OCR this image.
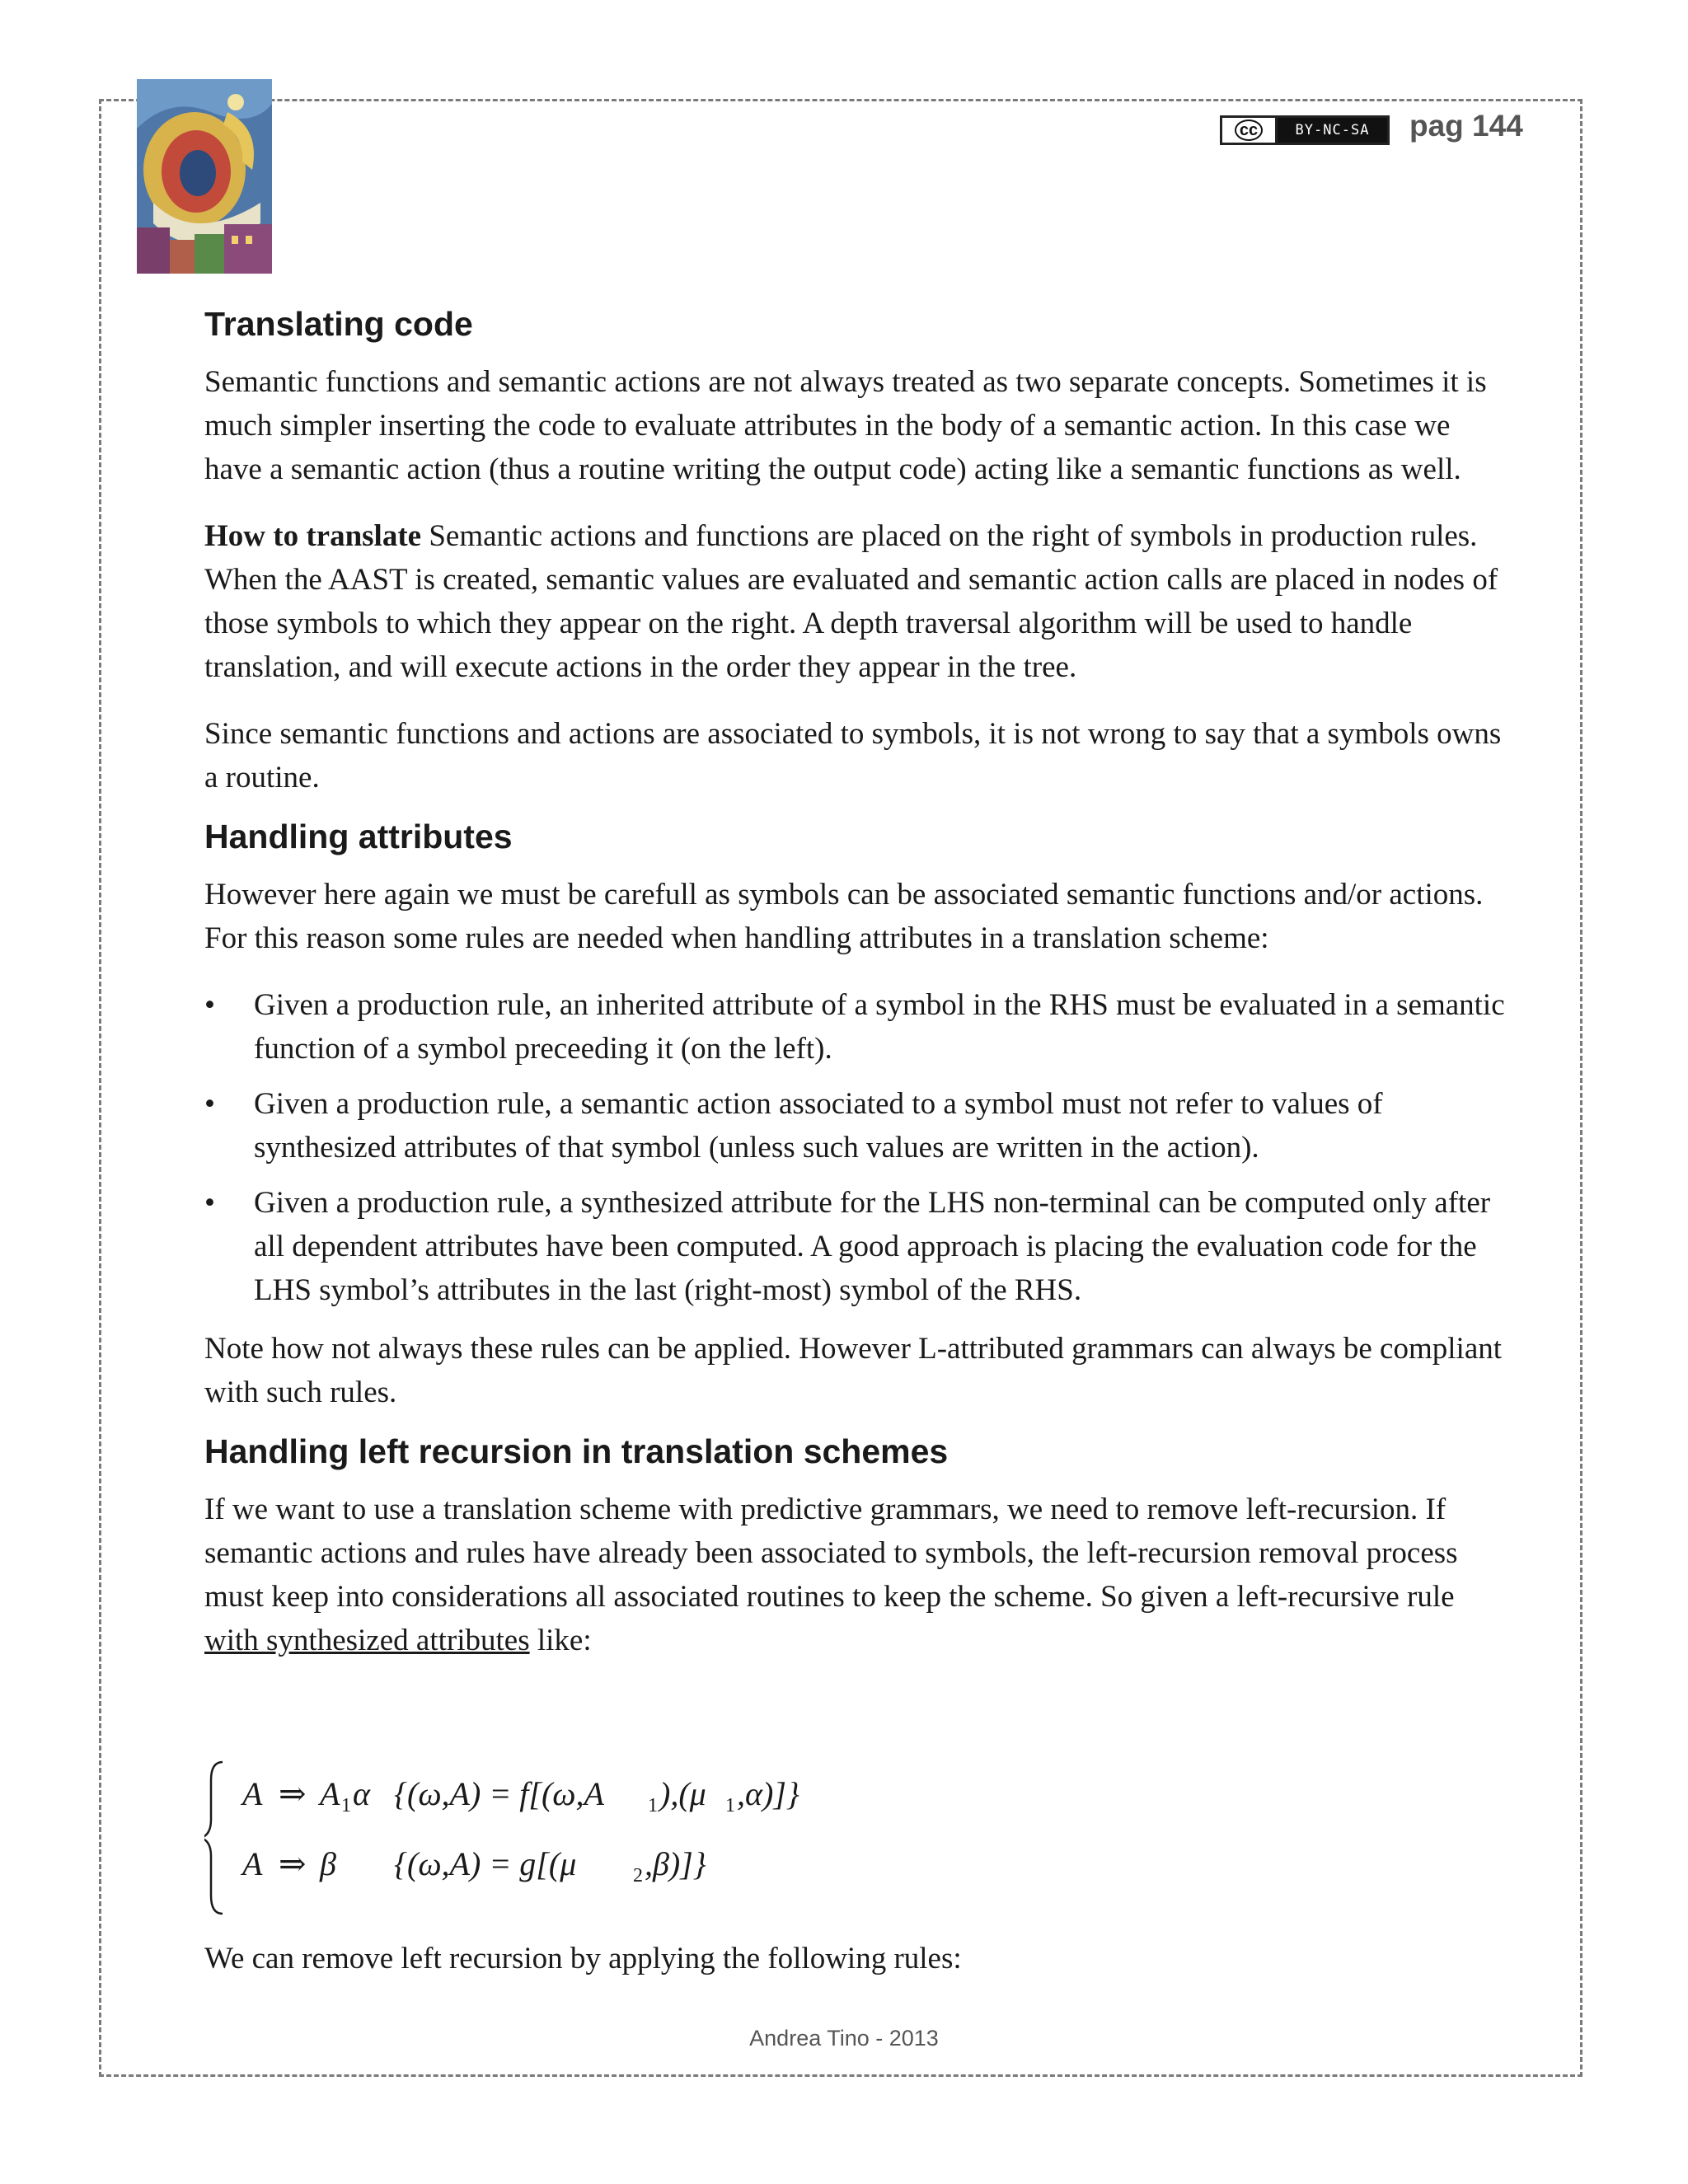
cc	BY-NC-SA	pag 144
Translating code

Semantic functions and semantic actions are not always treated as two separate concepts. Sometimes it is much simpler inserting the code to evaluate attributes in the body of a semantic action. In this case we have a semantic action (thus a routine writing the output code) acting like a semantic functions as well.

How to translate Semantic actions and functions are placed on the right of symbols in production rules. When the AAST is created, semantic values are evaluated and semantic action calls are placed in nodes of those symbols to which they appear on the right. A depth traversal algorithm will be used to handle translation, and will execute actions in the order they appear in the tree.

Since semantic functions and actions are associated to symbols, it is not wrong to say that a symbols owns a routine.

Handling attributes

However here again we must be carefull as symbols can be associated semantic functions and/or actions. For this reason some rules are needed when handling attributes in a translation scheme:

• Given a production rule, an inherited attribute of a symbol in the RHS must be evaluated in a semantic function of a symbol preceeding it (on the left).
• Given a production rule, a semantic action associated to a symbol must not refer to values of synthesized attributes of that symbol (unless such values are written in the action).
• Given a production rule, a synthesized attribute for the LHS non-terminal can be computed only after all dependent attributes have been computed. A good approach is placing the evaluation code for the LHS symbol’s attributes in the last (right-most) symbol of the RHS.

Note how not always these rules can be applied. However L-attributed grammars can always be compliant with such rules.

Handling left recursion in translation schemes

If we want to use a translation scheme with predictive grammars, we need to remove left-recursion. If semantic actions and rules have already been associated to symbols, the left-recursion removal process must keep into considerations all associated routines to keep the scheme. So given a left-recursive rule with synthesized attributes like:

A ⇒ A 1 α {(ω,A) = f[(ω,A 1 ),(μ 1 ,α)]}
A ⇒ β {(ω,A) = g[(μ	2 ,β)]}

We can remove left recursion by applying the following rules:

Andrea Tino - 2013
